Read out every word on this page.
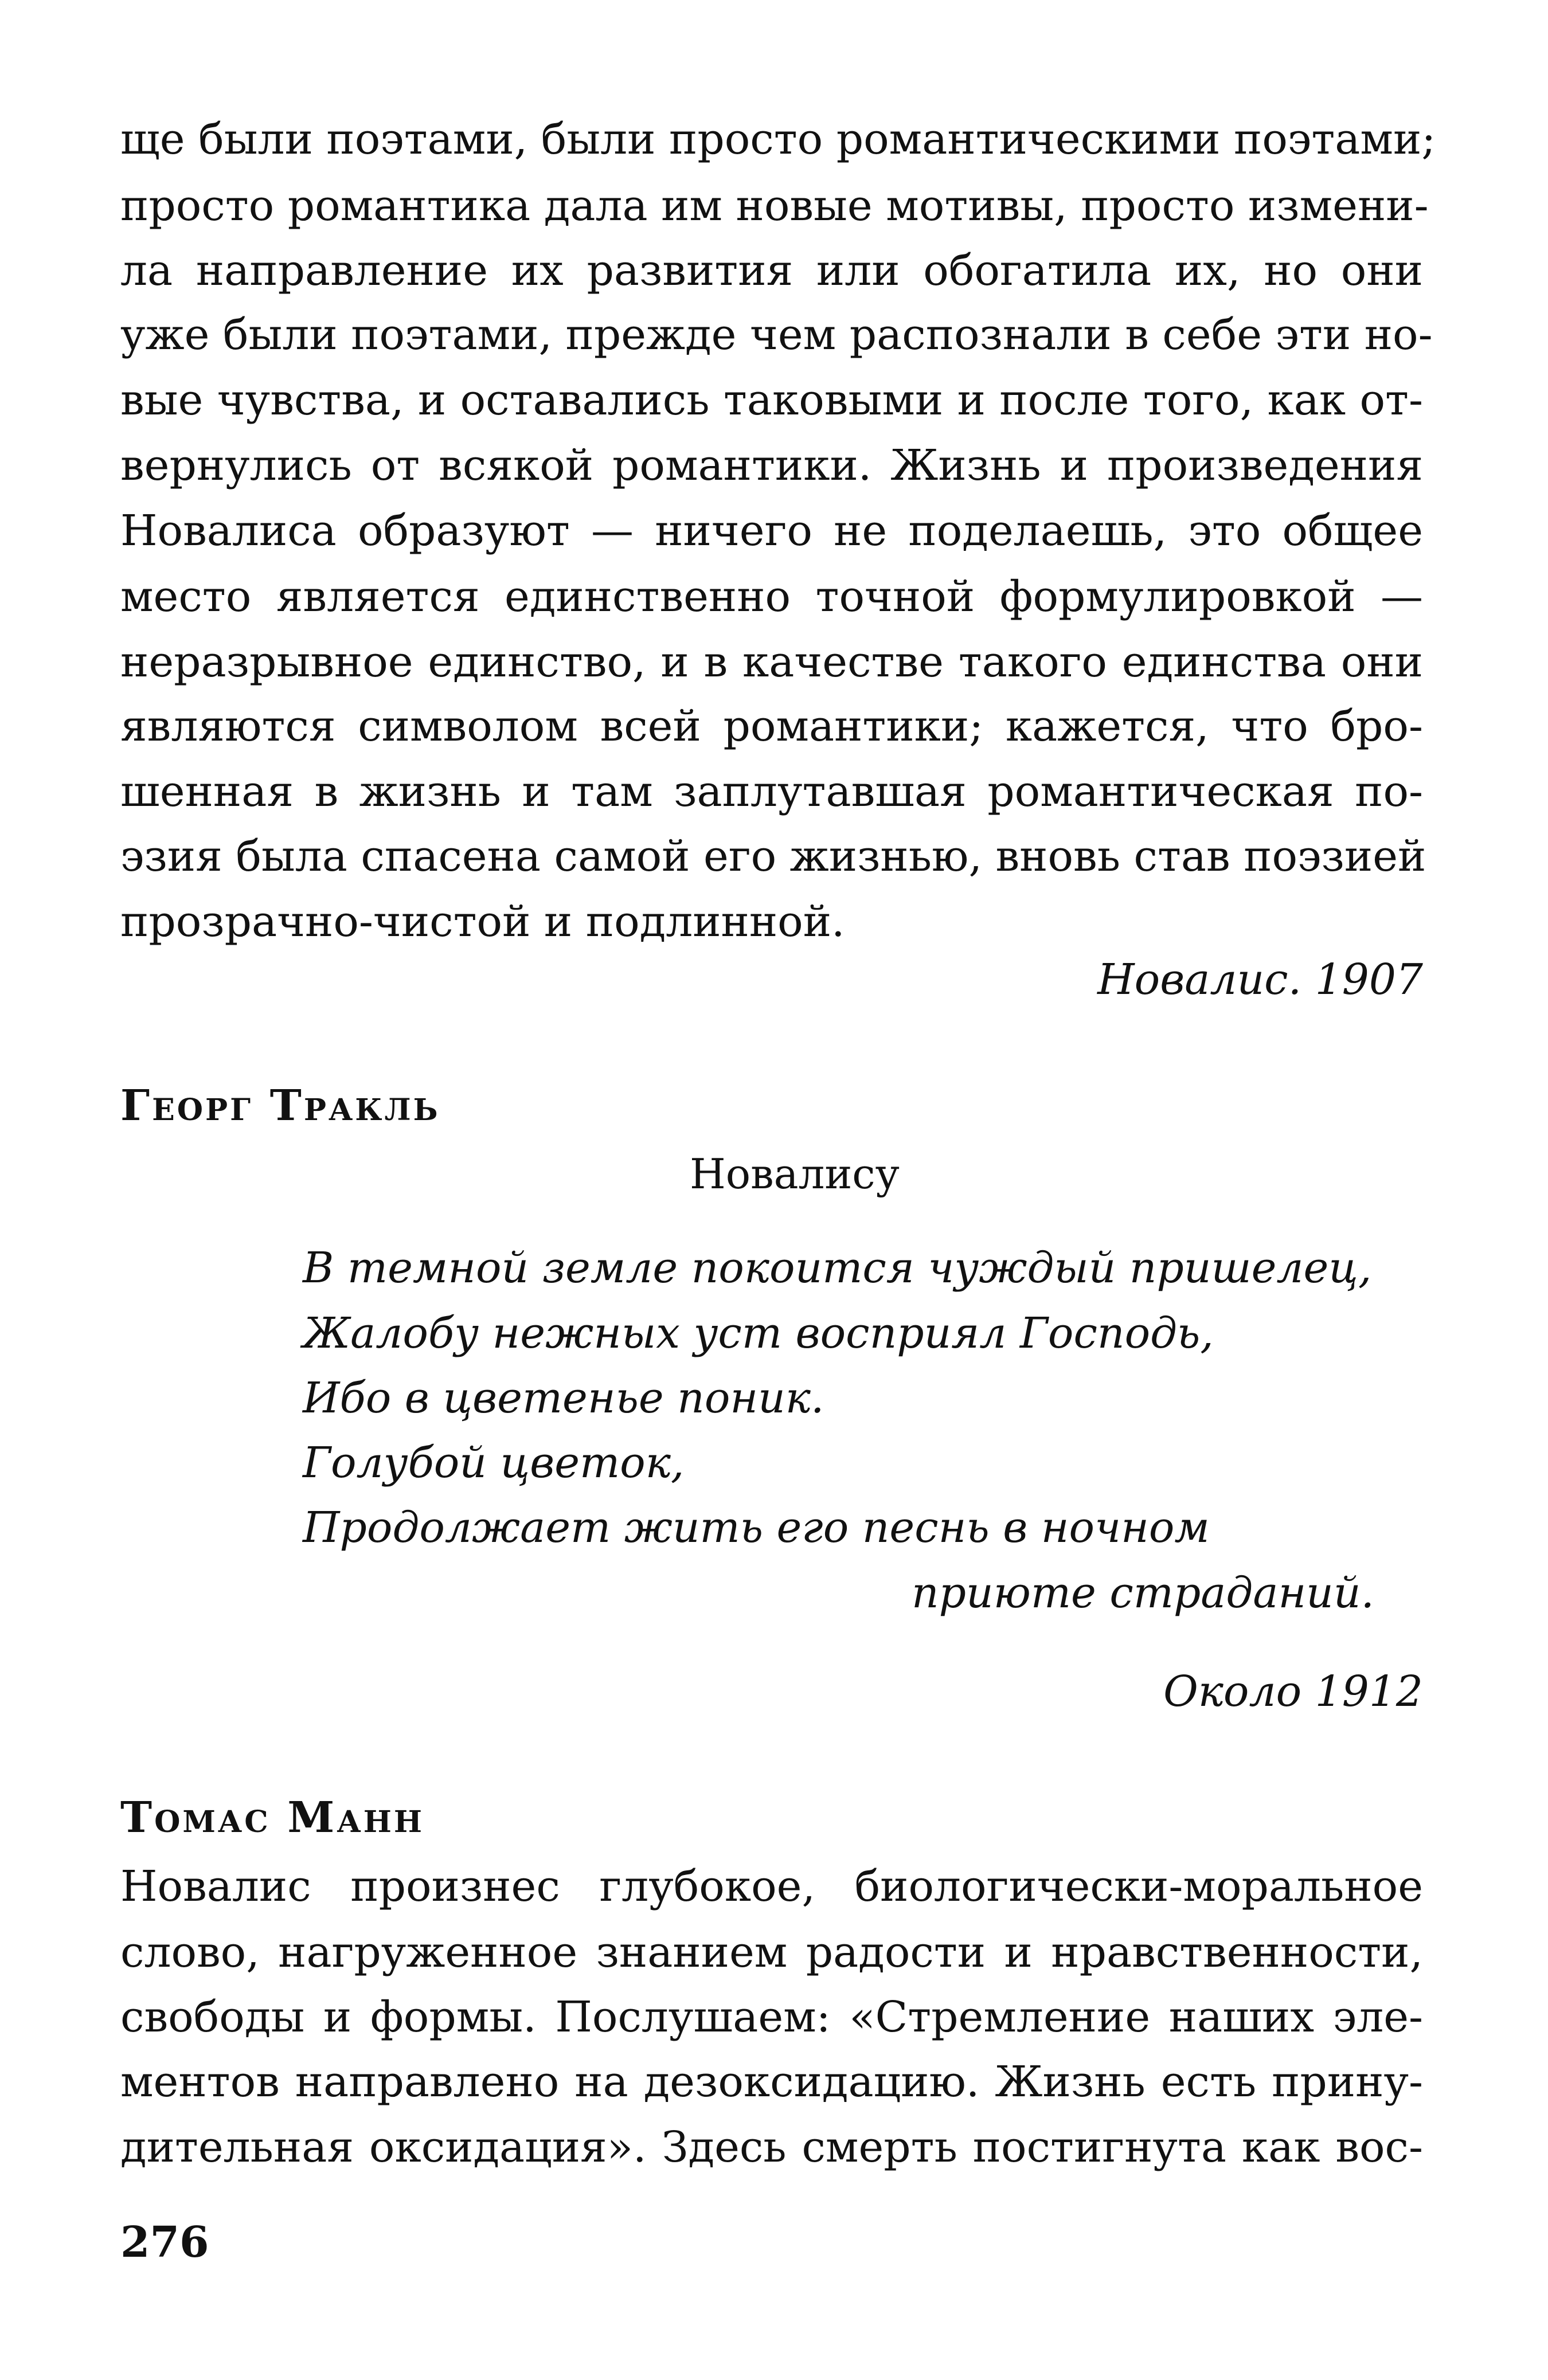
ще были поэтами, были просто романтическими поэтами;
просто романтика дала им новые мотивы, просто измени-
ла направление их развития или обогатила их, но они
уже были поэтами, прежде чем распознали в себе эти но-
вые чувства, и оставались таковыми и после того, как от-
вернулись от всякой романтики. Жизнь и произведения
Новалиса образуют — ничего не поделаешь, это общее
место является единственно точной формулировкой —
неразрывное единство, и в качестве такого единства они
являются символом всей романтики; кажется, что бро-
шенная в жизнь и там заплутавшая романтическая по-
эзия была спасена самой его жизнью, вновь став поэзией
прозрачно-чистой и подлинной.
Новалис. 1907
Георг Тракль
Новалису
В темной земле покоится чуждый пришелец,
Жалобу нежных уст восприял Господь,
Ибо в цветенье поник.
Голубой цветок,
Продолжает жить его песнь в ночном
приюте страданий.
Около 1912
Томас Манн
Новалис произнес глубокое, биологически-моральное
слово, нагруженное знанием радости и нравственности,
свободы и формы. Послушаем: «Стремление наших эле-
ментов направлено на дезоксидацию. Жизнь есть прину-
дительная оксидация». Здесь смерть постигнута как вос-
276
